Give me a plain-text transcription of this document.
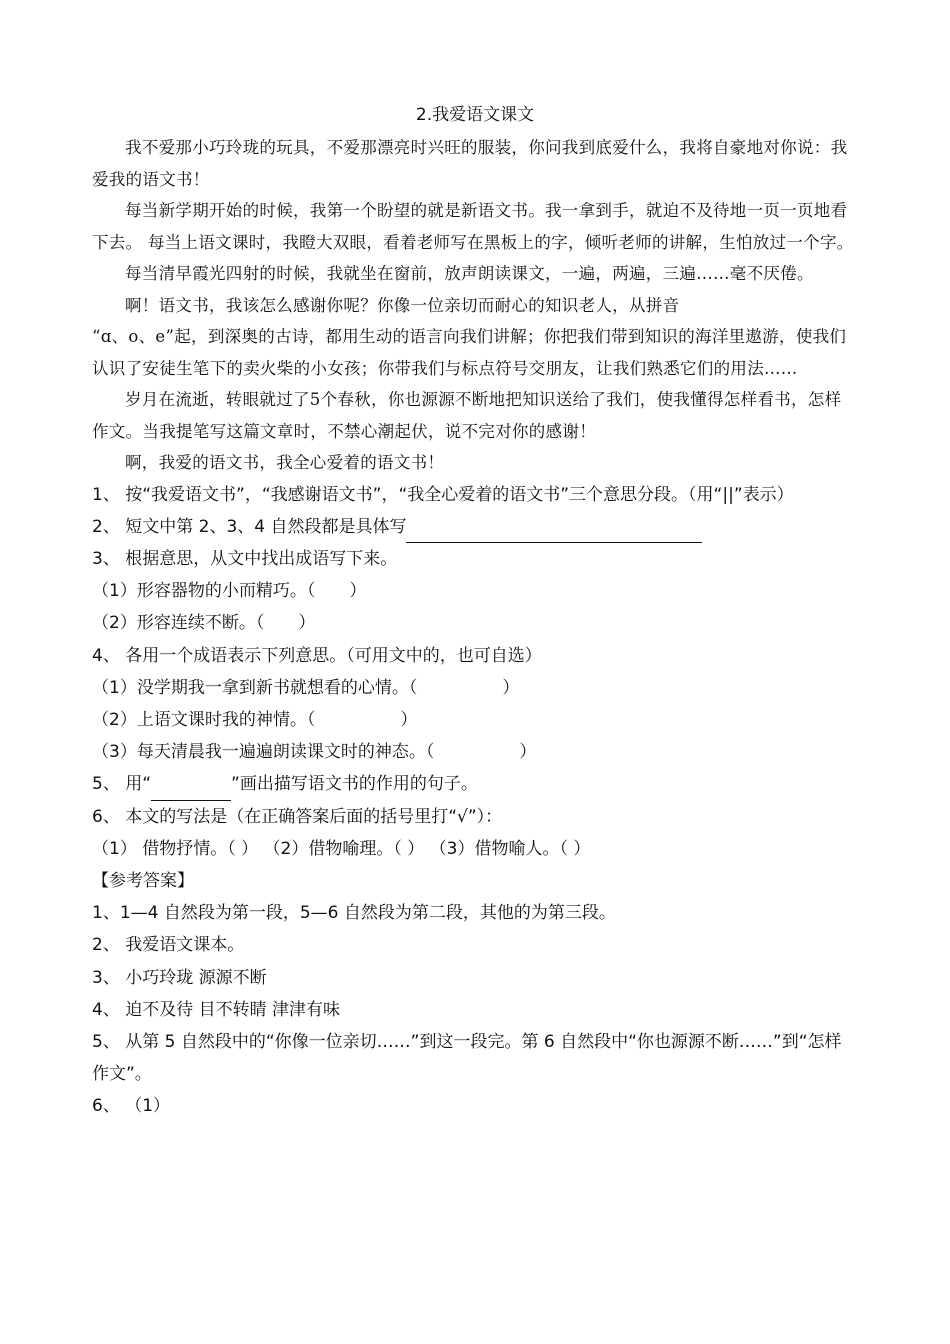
2.我爱语文课文

我不爱那小巧玲珑的玩具，不爱那漂亮时兴旺的服装，你问我到底爱什么，我将自豪地对你说：我爱我的语文书！

每当新学期开始的时候，我第一个盼望的就是新语文书。我一拿到手，就迫不及待地一页一页地看下去。 每当上语文课时，我瞪大双眼，看着老师写在黑板上的字，倾听老师的讲解，生怕放过一个字。

每当清早霞光四射的时候，我就坐在窗前，放声朗读课文，一遍，两遍，三遍……毫不厌倦。

啊！语文书，我该怎么感谢你呢？你像一位亲切而耐心的知识老人，从拼音

“ɑ、o、e”起，到深奥的古诗，都用生动的语言向我们讲解；你把我们带到知识的海洋里遨游，使我们认识了安徒生笔下的卖火柴的小女孩；你带我们与标点符号交朋友，让我们熟悉它们的用法……

岁月在流逝，转眼就过了5个春秋，你也源源不断地把知识送给了我们，使我懂得怎样看书，怎样作文。当我提笔写这篇文章时，不禁心潮起伏，说不完对你的感谢！

啊，我爱的语文书，我全心爱着的语文书！

1、 按“我爱语文书”，“我感谢语文书”，“我全心爱着的语文书”三个意思分段。（用“||”表示）

2、 短文中第 2、3、4 自然段都是具体写

3、 根据意思，从文中找出成语写下来。

（1）形容器物的小而精巧。（　　）

（2）形容连续不断。（　　）

4、 各用一个成语表示下列意思。（可用文中的，也可自选）

（1）没学期我一拿到新书就想看的心情。（　　　　　）

（2）上语文课时我的神情。（　　　　　）

（3）每天清晨我一遍遍朗读课文时的神态。（　　　　　）

5、 用“	”画出描写语文书的作用的句子。

6、 本文的写法是（在正确答案后面的括号里打“√”）：

（1） 借物抒情。（ ） （2）借物喻理。（ ） （3）借物喻人。（ ）

【参考答案】

1、1—4 自然段为第一段，5—6 自然段为第二段，其他的为第三段。

2、 我爱语文课本。

3、 小巧玲珑 源源不断

4、 迫不及待 目不转睛 津津有味

5、 从第 5 自然段中的“你像一位亲切……”到这一段完。第 6 自然段中“你也源源不断……”到“怎样作文”。

6、 （1）
